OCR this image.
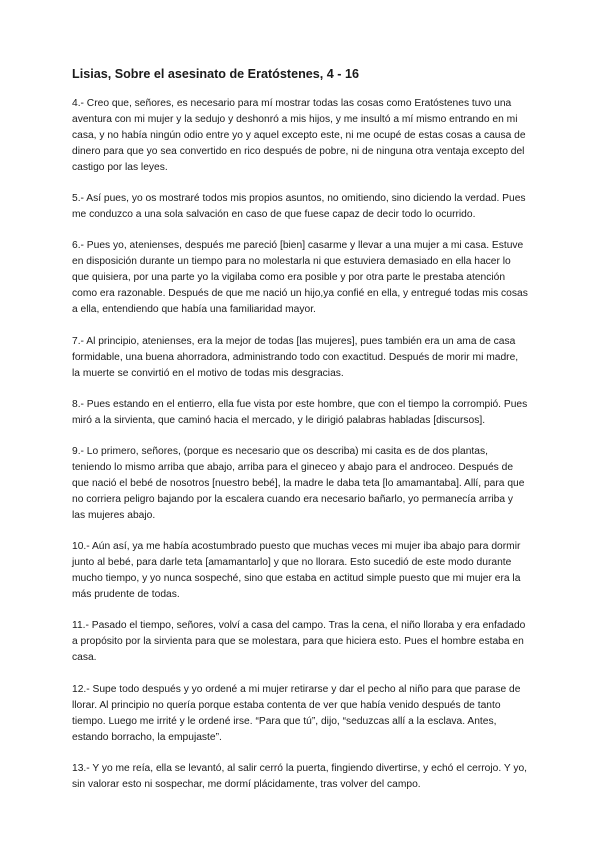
Lisias, Sobre el asesinato de Eratóstenes, 4 - 16

4.- Creo que, señores, es necesario para mí mostrar todas las cosas como Eratóstenes tuvo una aventura con mi mujer y la sedujo y deshonró a mis hijos, y me insultó a mí mismo entrando en mi casa, y no había ningún odio entre yo y aquel excepto este, ni me ocupé de estas cosas a causa de dinero para que yo sea convertido en rico después de pobre, ni de ninguna otra ventaja excepto del castigo por las leyes.

5.- Así pues, yo os mostraré todos mis propios asuntos, no omitiendo, sino diciendo la verdad. Pues me conduzco a una sola salvación en caso de que fuese capaz de decir todo lo ocurrido.

6.- Pues yo, atenienses, después me pareció [bien] casarme y llevar a una mujer a mi casa. Estuve en disposición durante un tiempo para no molestarla ni que estuviera demasiado en ella hacer lo que quisiera, por una parte yo la vigilaba como era posible y por otra parte le prestaba atención como era razonable. Después de que me nació un hijo,ya confié en ella, y entregué todas mis cosas a ella, entendiendo que había una familiaridad mayor.

7.- Al principio, atenienses, era la mejor de todas [las mujeres], pues también era un ama de casa formidable, una buena ahorradora, administrando todo con exactitud. Después de morir mi madre, la muerte se convirtió en el motivo de todas mis desgracias.

8.- Pues estando en el entierro, ella fue vista por este hombre, que con el tiempo la corrompió. Pues miró a la sirvienta, que caminó hacia el mercado, y le dirigió palabras habladas [discursos].

9.- Lo primero, señores, (porque es necesario que os describa) mi casita es de dos plantas, teniendo lo mismo arriba que abajo, arriba para el gineceo y abajo para el androceo. Después de que nació el bebé de nosotros [nuestro bebé], la madre le daba teta [lo amamantaba]. Allí, para que no corriera peligro bajando por la escalera cuando era necesario bañarlo, yo permanecía arriba y las mujeres abajo.

10.- Aún así, ya me había acostumbrado puesto que muchas veces mi mujer iba abajo para dormir junto al bebé, para darle teta [amamantarlo] y que no llorara. Esto sucedió de este modo durante mucho tiempo, y yo nunca sospeché, sino que estaba en actitud simple puesto que mi mujer era la más prudente de todas.

11.- Pasado el tiempo, señores, volví a casa del campo. Tras la cena, el niño lloraba y era enfadado a propósito por la sirvienta para que se molestara, para que hiciera esto. Pues el hombre estaba en casa.

12.- Supe todo después y yo ordené a mi mujer retirarse y dar el pecho al niño para que parase de llorar. Al principio no quería porque estaba contenta de ver que había venido después de tanto tiempo. Luego me irrité y le ordené irse. “Para que tú”, dijo, “seduzcas allí a la esclava. Antes, estando borracho, la empujaste”.

13.- Y yo me reía, ella se levantó, al salir cerró la puerta, fingiendo divertirse, y echó el cerrojo. Y yo, sin valorar esto ni sospechar, me dormí plácidamente, tras volver del campo.
